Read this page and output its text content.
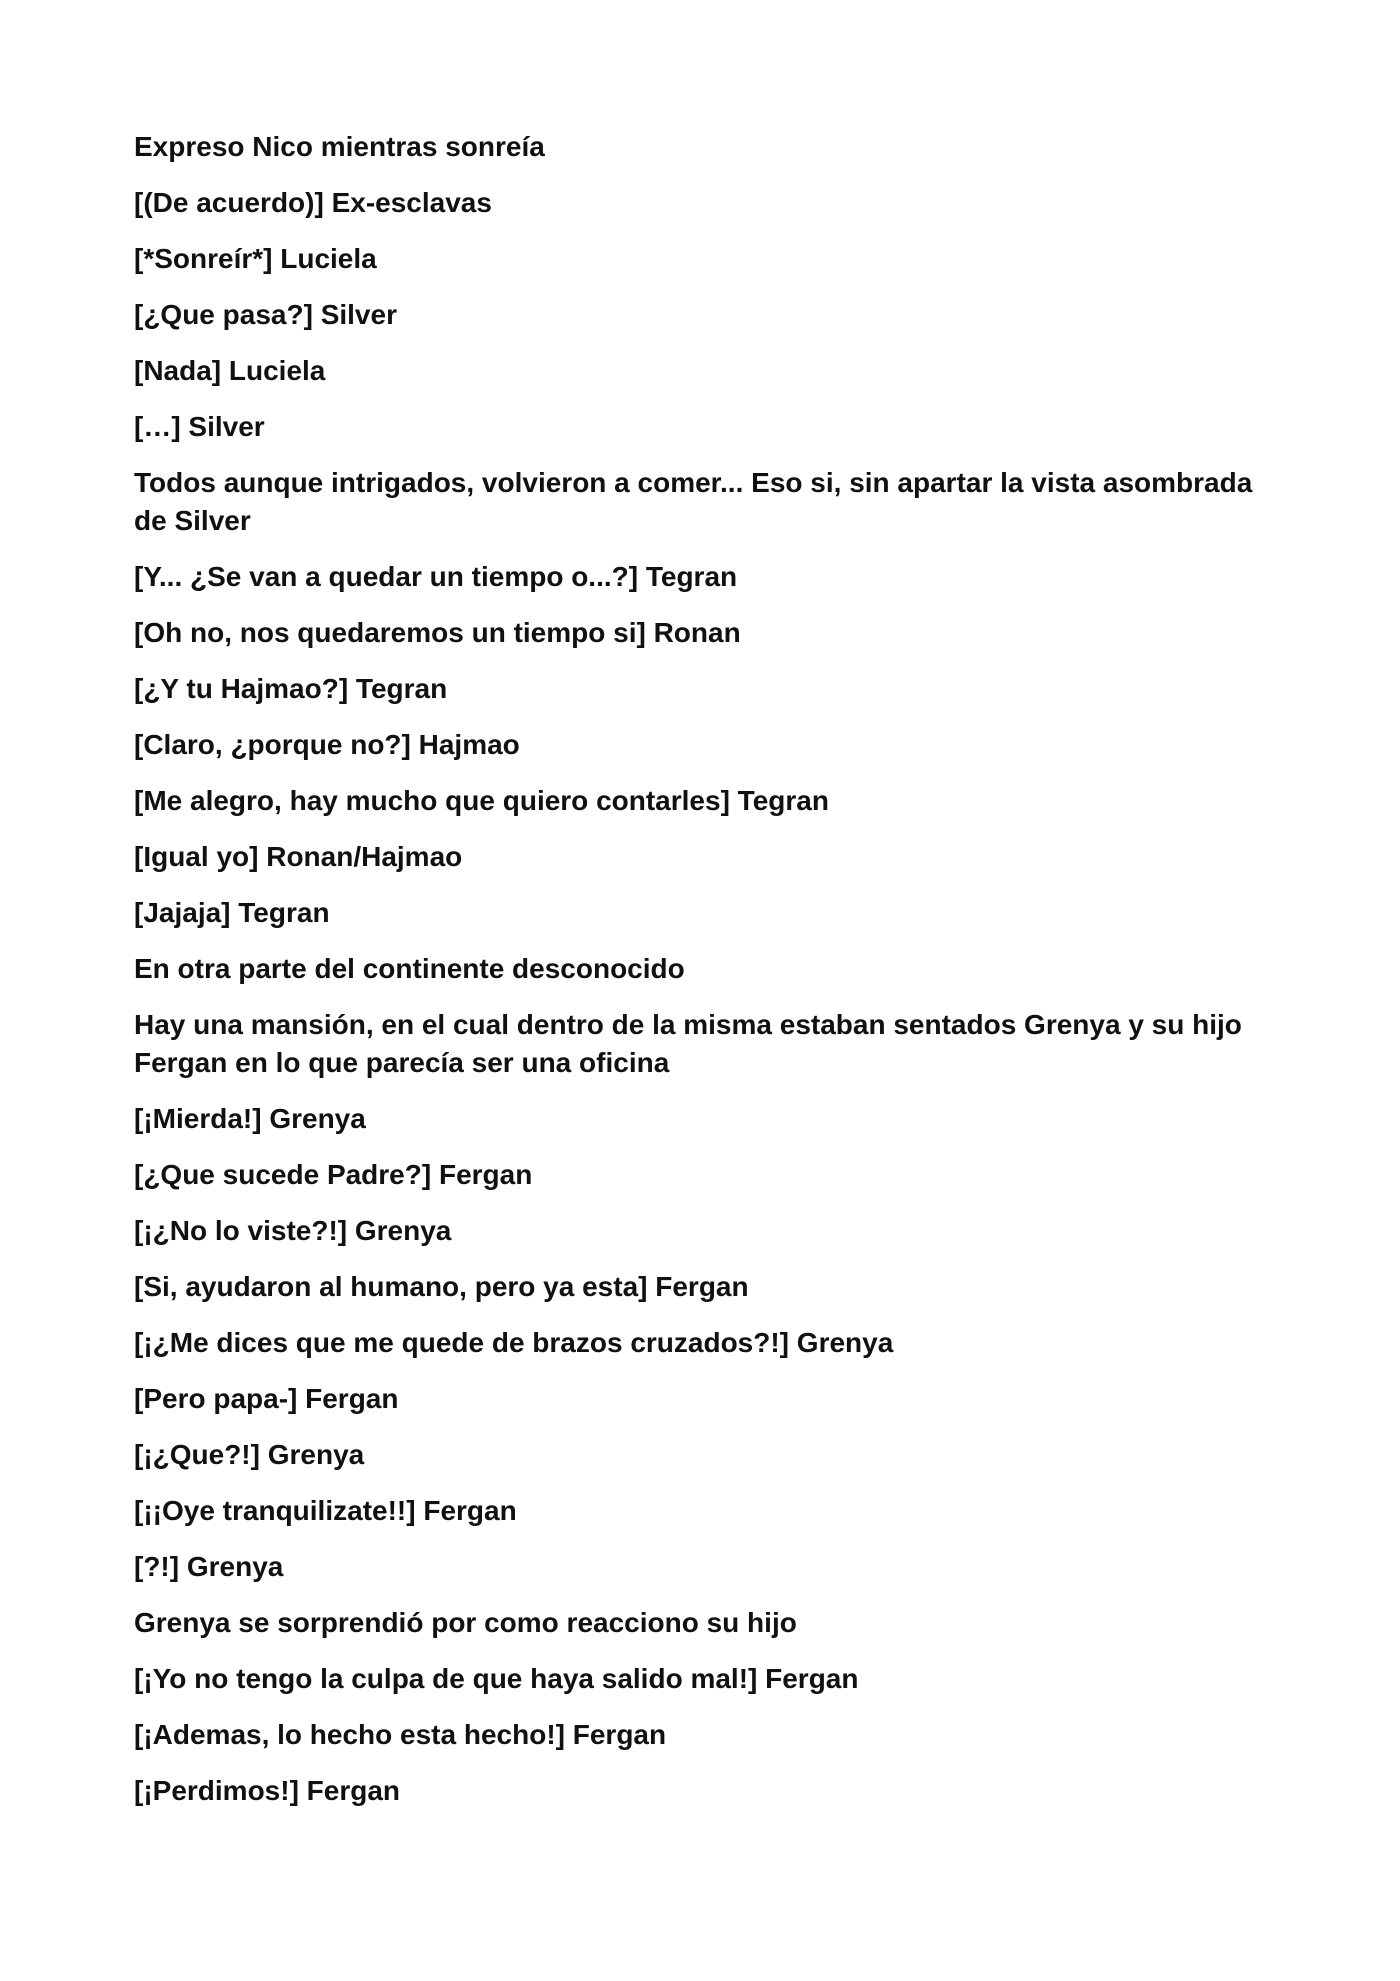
Expreso Nico mientras sonreía

[(De acuerdo)] Ex-esclavas

[*Sonreír*] Luciela

[¿Que pasa?] Silver

[Nada] Luciela

[…] Silver

Todos aunque intrigados, volvieron a comer... Eso si, sin apartar la vista asombrada de Silver

[Y... ¿Se van a quedar un tiempo o...?] Tegran

[Oh no, nos quedaremos un tiempo si] Ronan

[¿Y tu Hajmao?] Tegran

[Claro, ¿porque no?] Hajmao

[Me alegro, hay mucho que quiero contarles] Tegran

[Igual yo] Ronan/Hajmao

[Jajaja] Tegran

En otra parte del continente desconocido

Hay una mansión, en el cual dentro de la misma estaban sentados Grenya y su hijo Fergan en lo que parecía ser una oficina

[¡Mierda!] Grenya

[¿Que sucede Padre?] Fergan

[¡¿No lo viste?!] Grenya

[Si, ayudaron al humano, pero ya esta] Fergan

[¡¿Me dices que me quede de brazos cruzados?!] Grenya

[Pero papa-] Fergan

[¡¿Que?!] Grenya

[¡¡Oye tranquilizate!!] Fergan

[?!] Grenya

Grenya se sorprendió por como reacciono su hijo

[¡Yo no tengo la culpa de que haya salido mal!] Fergan

[¡Ademas, lo hecho esta hecho!] Fergan

[¡Perdimos!] Fergan
